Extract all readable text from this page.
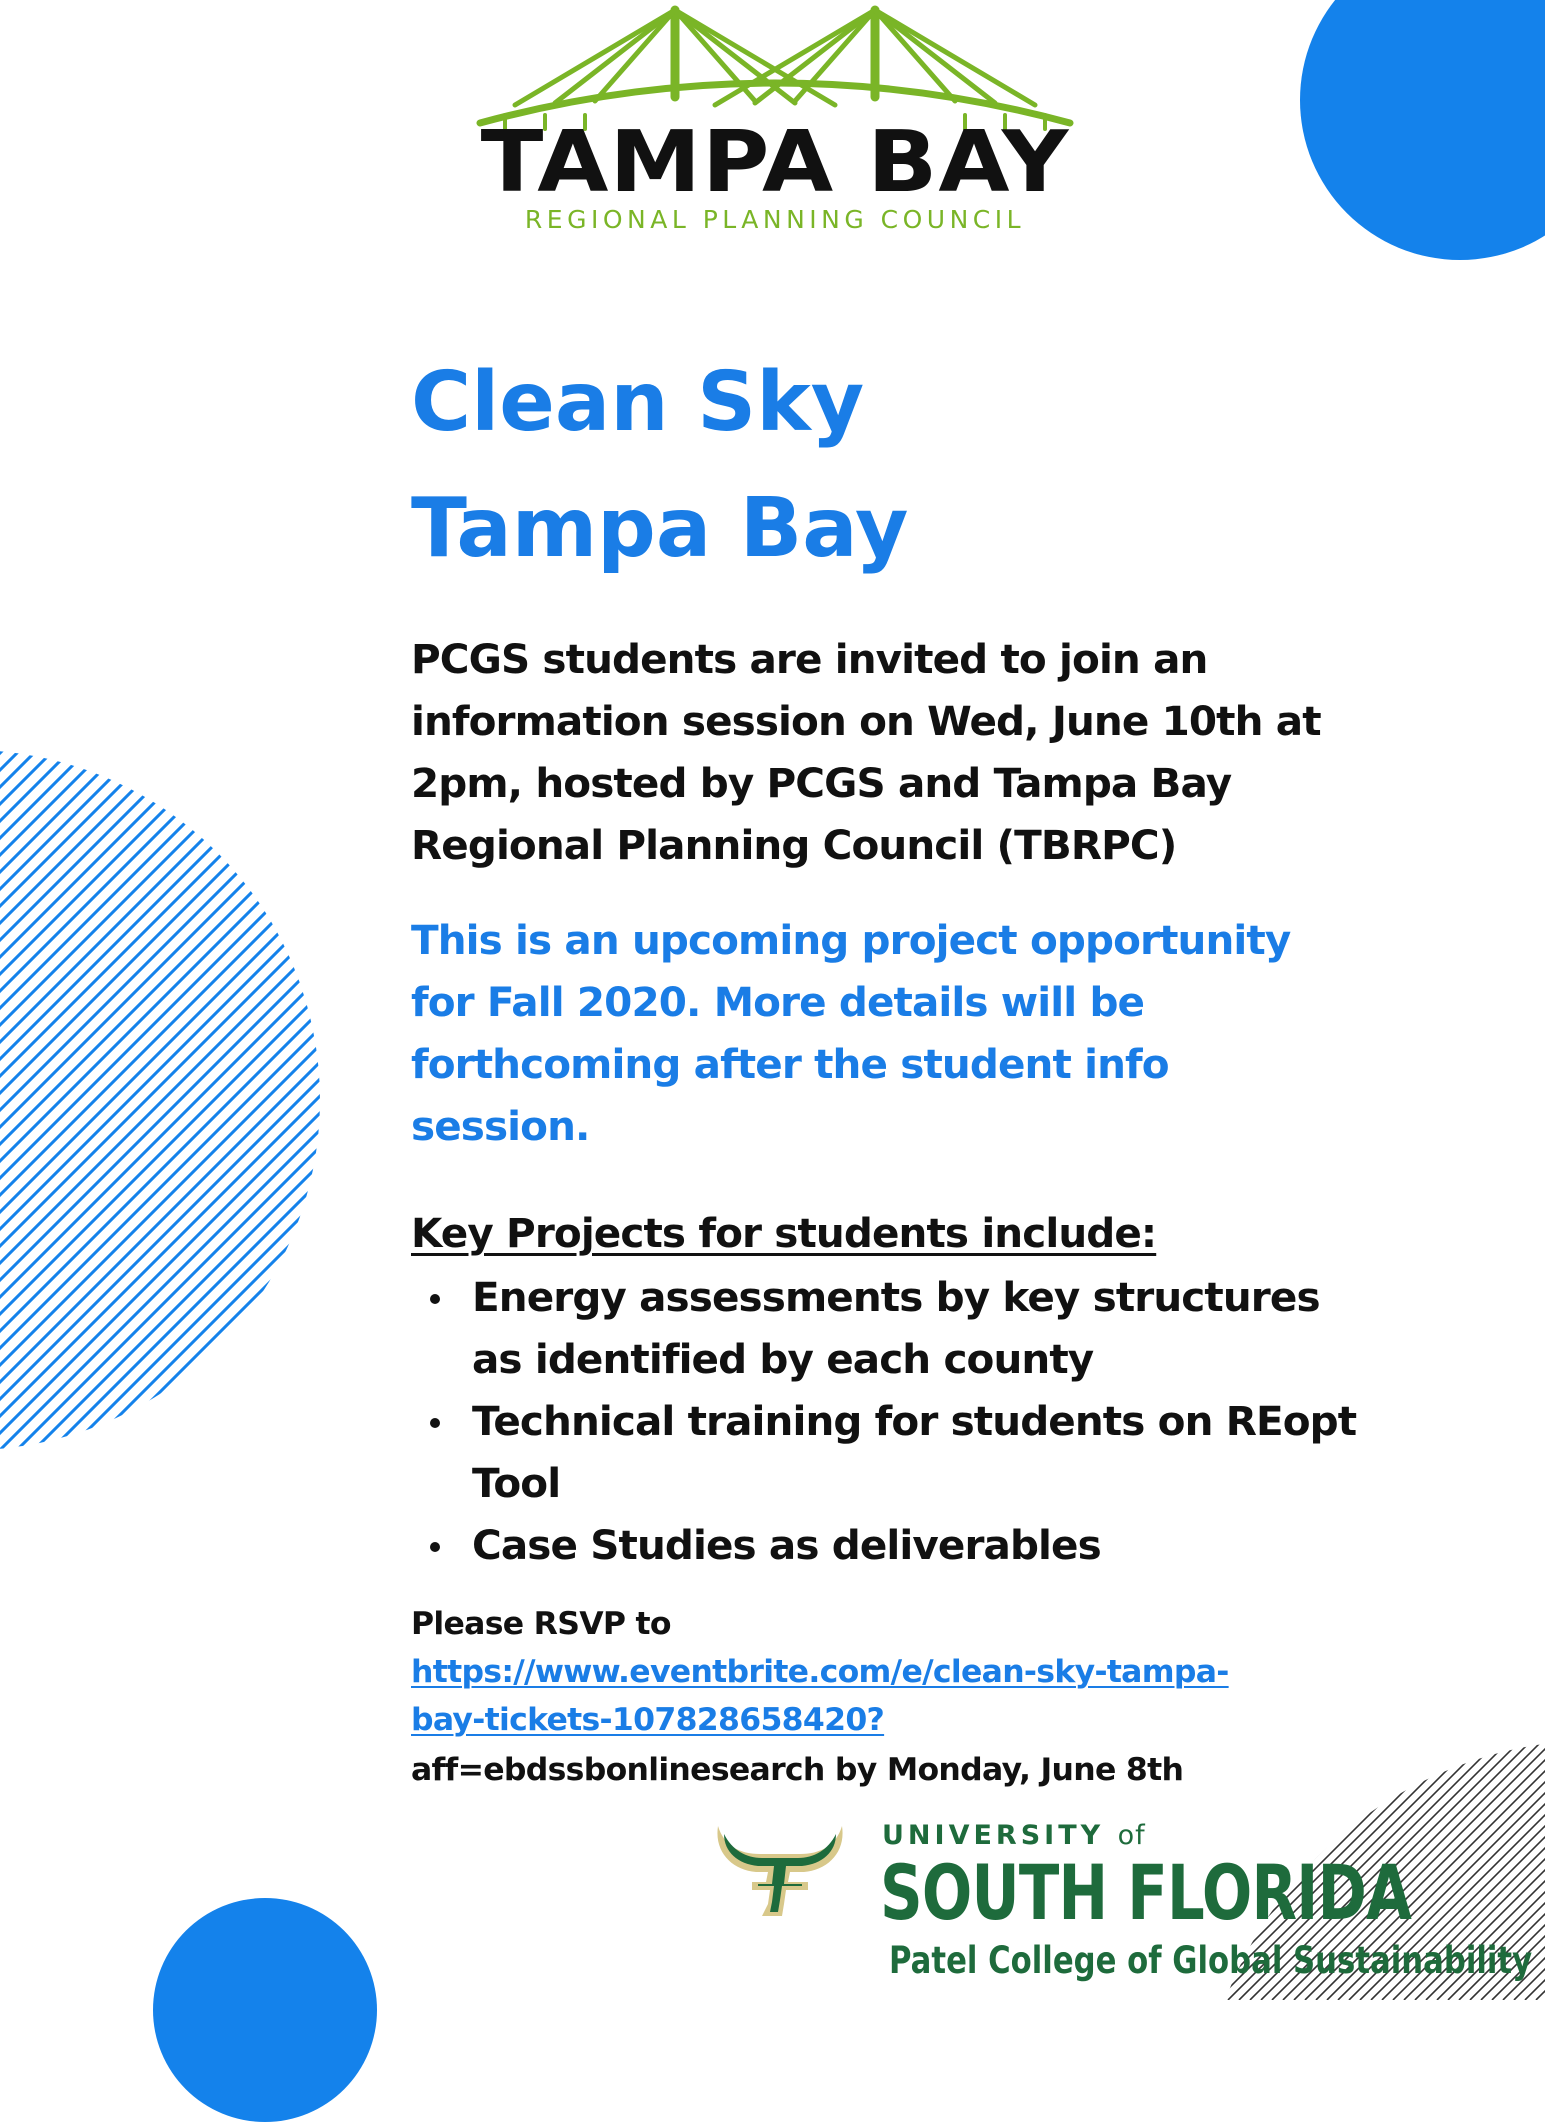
TAMPA BAY
REGIONAL PLANNING COUNCIL
Clean Sky
Tampa Bay
PCGS students are invited to join an
information session on Wed, June 10th at
2pm, hosted by PCGS and Tampa Bay
Regional Planning Council (TBRPC)
This is an upcoming project opportunity
for Fall 2020. More details will be
forthcoming after the student info
session.
Key Projects for students include:
Energy assessments by key structures
as identified by each county
Technical training for students on REopt
Tool
Case Studies as deliverables
Please RSVP to
https://www.eventbrite.com/e/clean-sky-tampa-
bay-tickets-107828658420?
aff=ebdssbonlinesearch by Monday, June 8th
UNIVERSITY of
SOUTH FLORIDA
Patel College of Global Sustainability
